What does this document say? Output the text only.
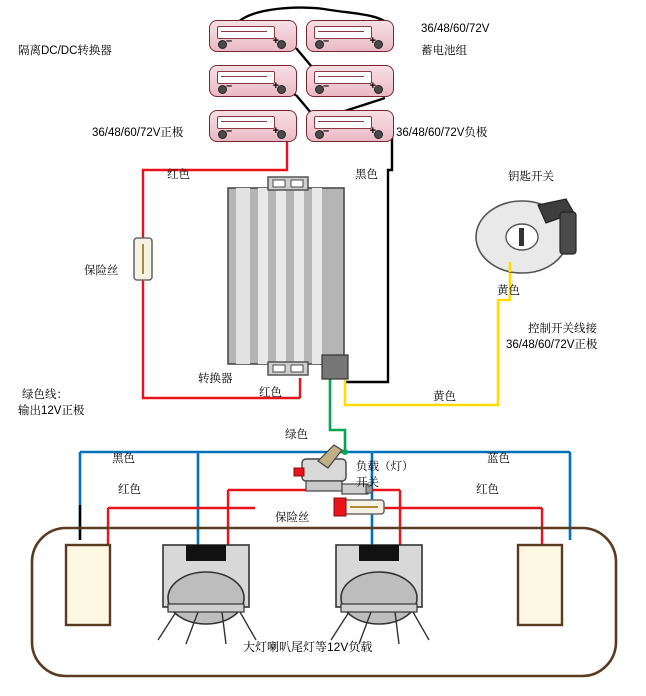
–	+	–	+
–	+	–	+
–	+	–	+
隔离DC/DC转换器
36/48/60/72V
蓄电池组
36/48/60/72V正极	36/48/60/72V负极
红色	黑色	钥匙开关
黄色
控制开关线接
36/48/60/72V正极
保险丝
转换器
红色	黄色
绿色线：
输出12V正极
绿色
黑色	蓝色
红色	红色
负载（灯）
开关
保险丝
大灯喇叭尾灯等12V负载
